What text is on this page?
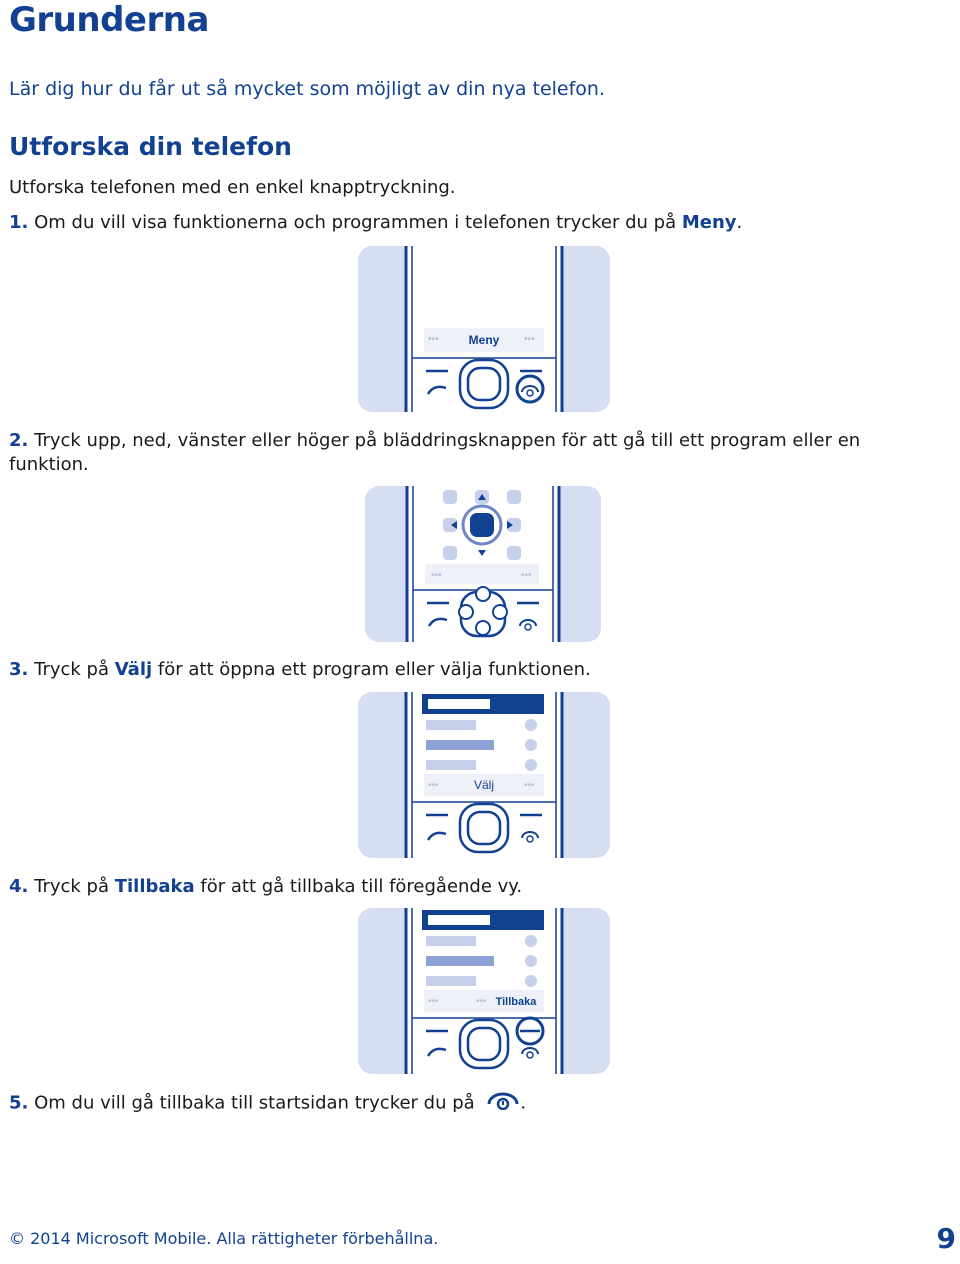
Grunderna

Lär dig hur du får ut så mycket som möjligt av din nya telefon.

Utforska din telefon

Utforska telefonen med en enkel knapptryckning.

1. Om du vill visa funktionerna och programmen i telefonen trycker du på Meny.

Meny
•••	•••

2. Tryck upp, ned, vänster eller höger på bläddringsknappen för att gå till ett program eller en funktion.

•••	•••

3. Tryck på Välj för att öppna ett program eller välja funktionen.

Välj
•••	•••

4. Tryck på Tillbaka för att gå tillbaka till föregående vy.

•••	••• Tillbaka

5. Om du vill gå tillbaka till startsidan trycker du på .

© 2014 Microsoft Mobile. Alla rättigheter förbehållna.	9
